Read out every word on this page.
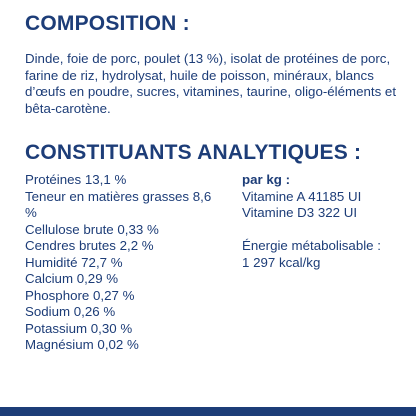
COMPOSITION :

Dinde, foie de porc, poulet (13 %), isolat de protéines de porc, farine de riz, hydrolysat, huile de poisson, minéraux, blancs d’œufs en poudre, sucres, vitamines, taurine, oligo-éléments et bêta-carotène.

CONSTITUANTS ANALYTIQUES :
Protéines 13,1 %
Teneur en matières grasses 8,6 %
Cellulose brute 0,33 %
Cendres brutes 2,2 %
Humidité 72,7 %
Calcium 0,29 %
Phosphore 0,27 %
Sodium 0,26 %
Potassium 0,30 %
Magnésium 0,02 %
par kg :
Vitamine A 41185 UI
Vitamine D3 322 UI
Énergie métabolisable :
1 297 kcal/kg
